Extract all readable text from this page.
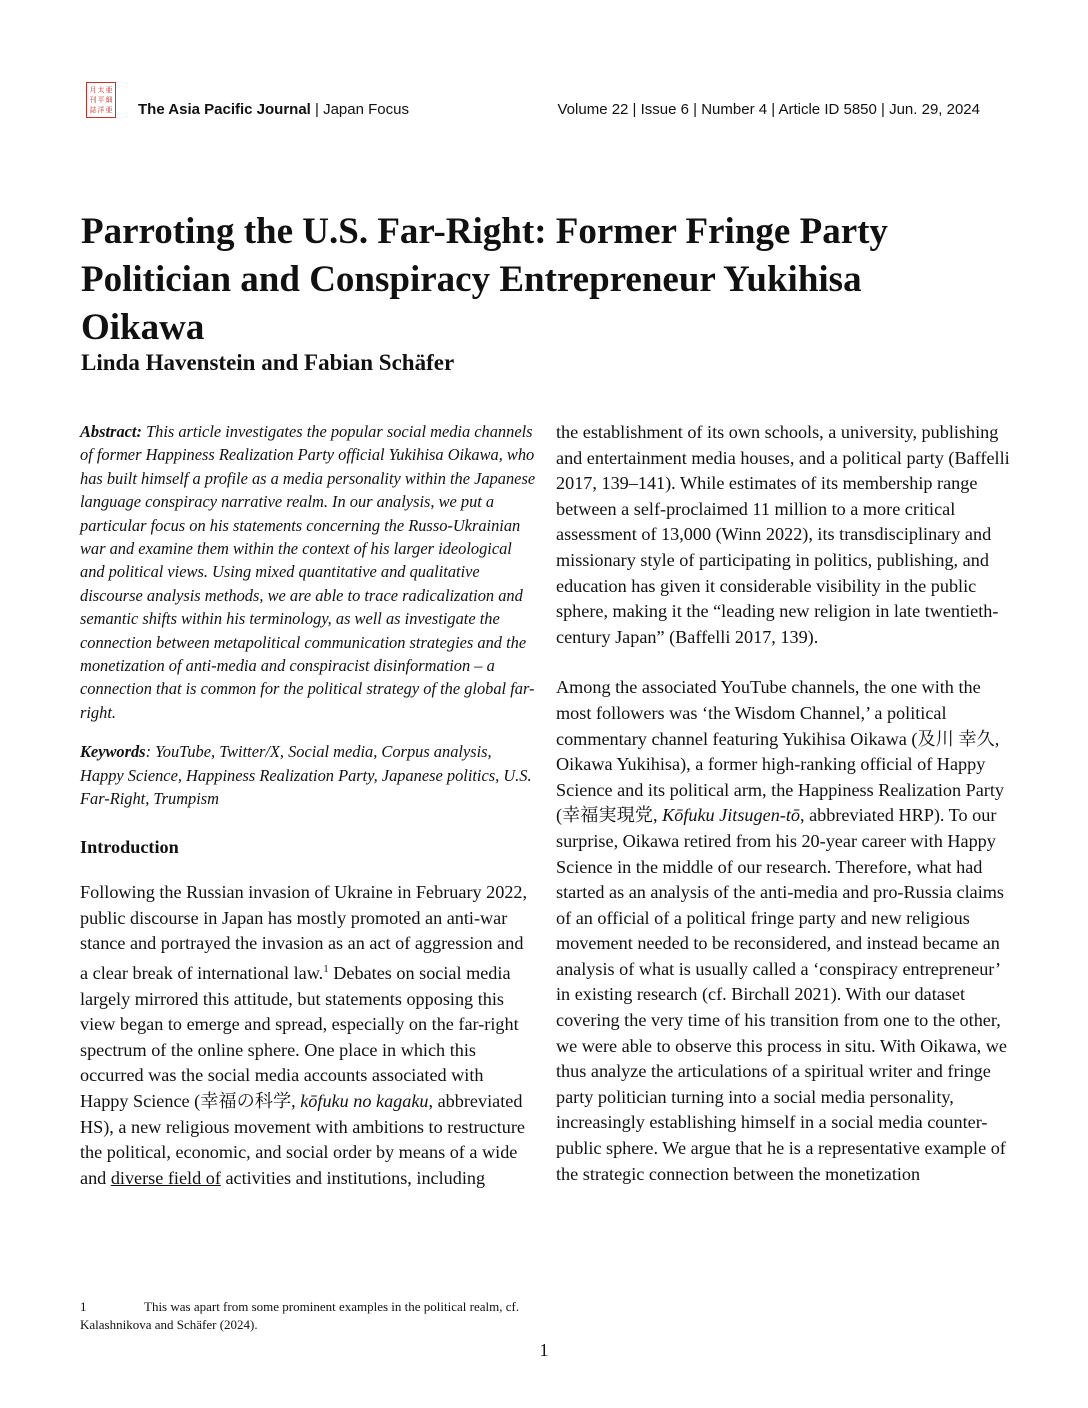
月 太 亜
刊 平 細
誌 洋 亜 The Asia Pacific Journal | Japan Focus	Volume 22 | Issue 6 | Number 4 | Article ID 5850 | Jun. 29, 2024
Parroting the U.S. Far-Right: Former Fringe Party Politician and Conspiracy Entrepreneur Yukihisa Oikawa
Linda Havenstein and Fabian Schäfer

Abstract: This article investigates the popular social media channels of former Happiness Realization Party official Yukihisa Oikawa, who has built himself a profile as a media personality within the Japanese language conspiracy narrative realm. In our analysis, we put a particular focus on his statements concerning the Russo-Ukrainian war and examine them within the context of his larger ideological and political views. Using mixed quantitative and qualitative discourse analysis methods, we are able to trace radicalization and semantic shifts within his terminology, as well as investigate the connection between metapolitical communication strategies and the monetization of anti-media and conspiracist disinformation – a connection that is common for the political strategy of the global far-right.

Keywords: YouTube, Twitter/X, Social media, Corpus analysis, Happy Science, Happiness Realization Party, Japanese politics, U.S. Far-Right, Trumpism

Introduction

Following the Russian invasion of Ukraine in February 2022, public discourse in Japan has mostly promoted an anti-war stance and portrayed the invasion as an act of aggression and a clear break of international law.$^1$ Debates on social media largely mirrored this attitude, but statements opposing this view began to emerge and spread, especially on the far-right spectrum of the online sphere. One place in which this occurred was the social media accounts associated with Happy Science (幸福の科学, kōfuku no kagaku, abbreviated HS), a new religious movement with ambitions to restructure the political, economic, and social order by means of a wide and diverse field of activities and institutions, including

the establishment of its own schools, a university, publishing and entertainment media houses, and a political party (Baffelli 2017, 139–141). While estimates of its membership range between a self-proclaimed 11 million to a more critical assessment of 13,000 (Winn 2022), its transdisciplinary and missionary style of participating in politics, publishing, and education has given it considerable visibility in the public sphere, making it the “leading new religion in late twentieth-century Japan” (Baffelli 2017, 139).

Among the associated YouTube channels, the one with the most followers was ‘the Wisdom Channel,’ a political commentary channel featuring Yukihisa Oikawa (及川 幸久, Oikawa Yukihisa), a former high-ranking official of Happy Science and its political arm, the Happiness Realization Party (幸福実現党, Kōfuku Jitsugen-tō, abbreviated HRP). To our surprise, Oikawa retired from his 20-year career with Happy Science in the middle of our research. Therefore, what had started as an analysis of the anti-media and pro-Russia claims of an official of a political fringe party and new religious movement needed to be reconsidered, and instead became an analysis of what is usually called a ‘conspiracy entrepreneur’ in existing research (cf. Birchall 2021). With our dataset covering the very time of his transition from one to the other, we were able to observe this process in situ. With Oikawa, we thus analyze the articulations of a spiritual writer and fringe party politician turning into a social media personality, increasingly establishing himself in a social media counter-public sphere. We argue that he is a representative example of the strategic connection between the monetization

1	This was apart from some prominent examples in the political realm, cf. Kalashnikova and Schäfer (2024).
1
